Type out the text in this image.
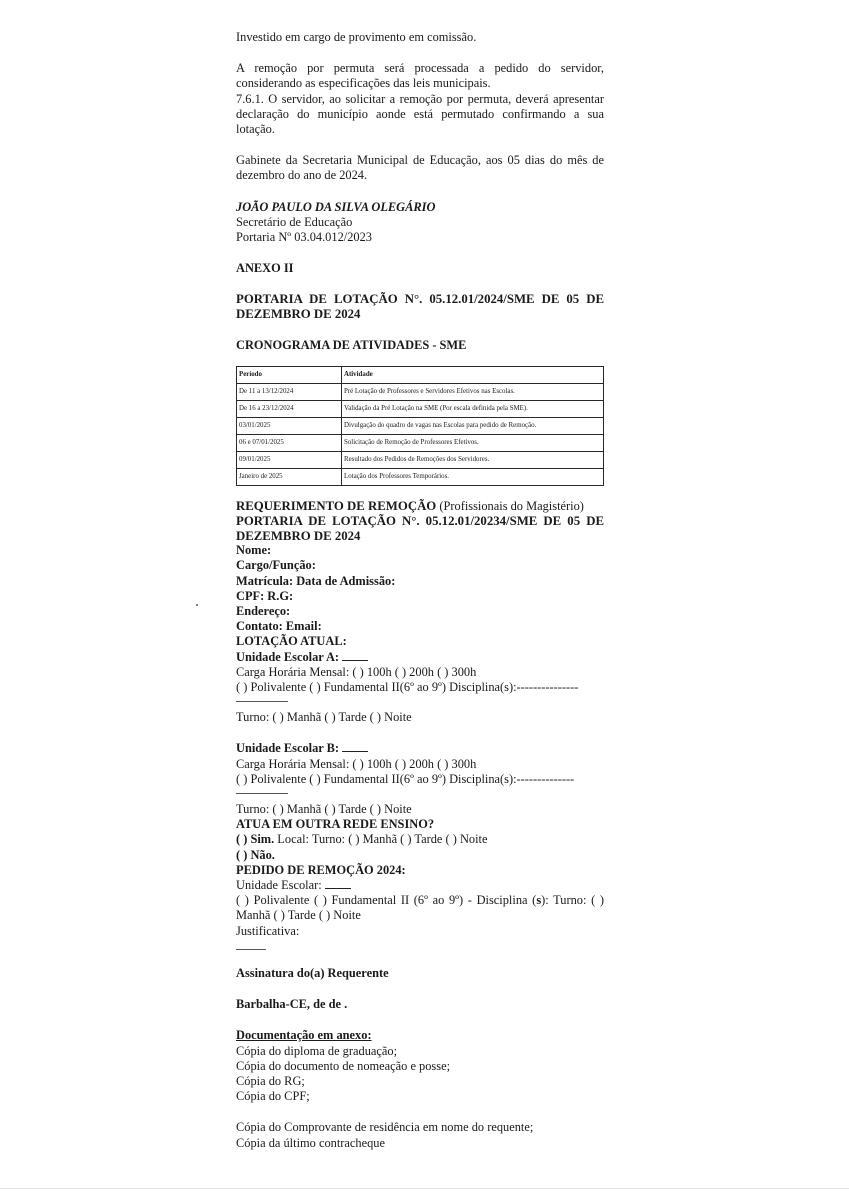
Investido em cargo de provimento em comissão.

A remoção por permuta será processada a pedido do servidor, considerando as especificações das leis municipais.

7.6.1. O servidor, ao solicitar a remoção por permuta, deverá apresentar declaração do município aonde está permutado confirmando a sua lotação.

Gabinete da Secretaria Municipal de Educação, aos 05 dias do mês de dezembro do ano de 2024.

JOÃO PAULO DA SILVA OLEGÁRIO

Secretário de Educação

Portaria Nº 03.04.012/2023

ANEXO II

PORTARIA DE LOTAÇÃO N°. 05.12.01/2024/SME DE 05 DE DEZEMBRO DE 2024

CRONOGRAMA DE ATIVIDADES - SME

Período	Atividade
De 11 a 13/12/2024	Pré Lotação de Professores e Servidores Efetivos nas Escolas.
De 16 a 23/12/2024	Validação da Pré Lotação na SME (Por escala definida pela SME).
03/01/2025	Divulgação do quadro de vagas nas Escolas para pedido de Remoção.
06 e 07/01/2025	Solicitação de Remoção de Professores Efetivos.
09/01/2025	Resultado dos Pedidos de Remoções dos Servidores.
Janeiro de 2025	Lotação dos Professores Temporários.

REQUERIMENTO DE REMOÇÃO (Profissionais do Magistério)

PORTARIA DE LOTAÇÃO N°. 05.12.01/20234/SME DE 05 DE DEZEMBRO DE 2024

Nome:

Cargo/Função:

Matrícula: Data de Admissão:

CPF: R.G:

Endereço:

Contato: Email:

LOTAÇÃO ATUAL:

Unidade Escolar A:

Carga Horária Mensal: ( ) 100h ( ) 200h ( ) 300h

( ) Polivalente ( ) Fundamental II(6º ao 9º) Disciplina(s):---------------

Turno: ( ) Manhã ( ) Tarde ( ) Noite

Unidade Escolar B:

Carga Horária Mensal: ( ) 100h ( ) 200h ( ) 300h

( ) Polivalente ( ) Fundamental II(6º ao 9º) Disciplina(s):--------------

Turno: ( ) Manhã ( ) Tarde ( ) Noite

ATUA EM OUTRA REDE ENSINO?

( ) Sim. Local: Turno: ( ) Manhã ( ) Tarde ( ) Noite

( ) Não.

PEDIDO DE REMOÇÃO 2024:

Unidade Escolar:

( ) Polivalente ( ) Fundamental II (6º ao 9º) - Disciplina (s): Turno: ( ) Manhã ( ) Tarde ( ) Noite

Justificativa:

Assinatura do(a) Requerente

Barbalha-CE, de de .

Documentação em anexo:

Cópia do diploma de graduação;

Cópia do documento de nomeação e posse;

Cópia do RG;

Cópia do CPF;

Cópia do Comprovante de residência em nome do requente;

Cópia da último contracheque
